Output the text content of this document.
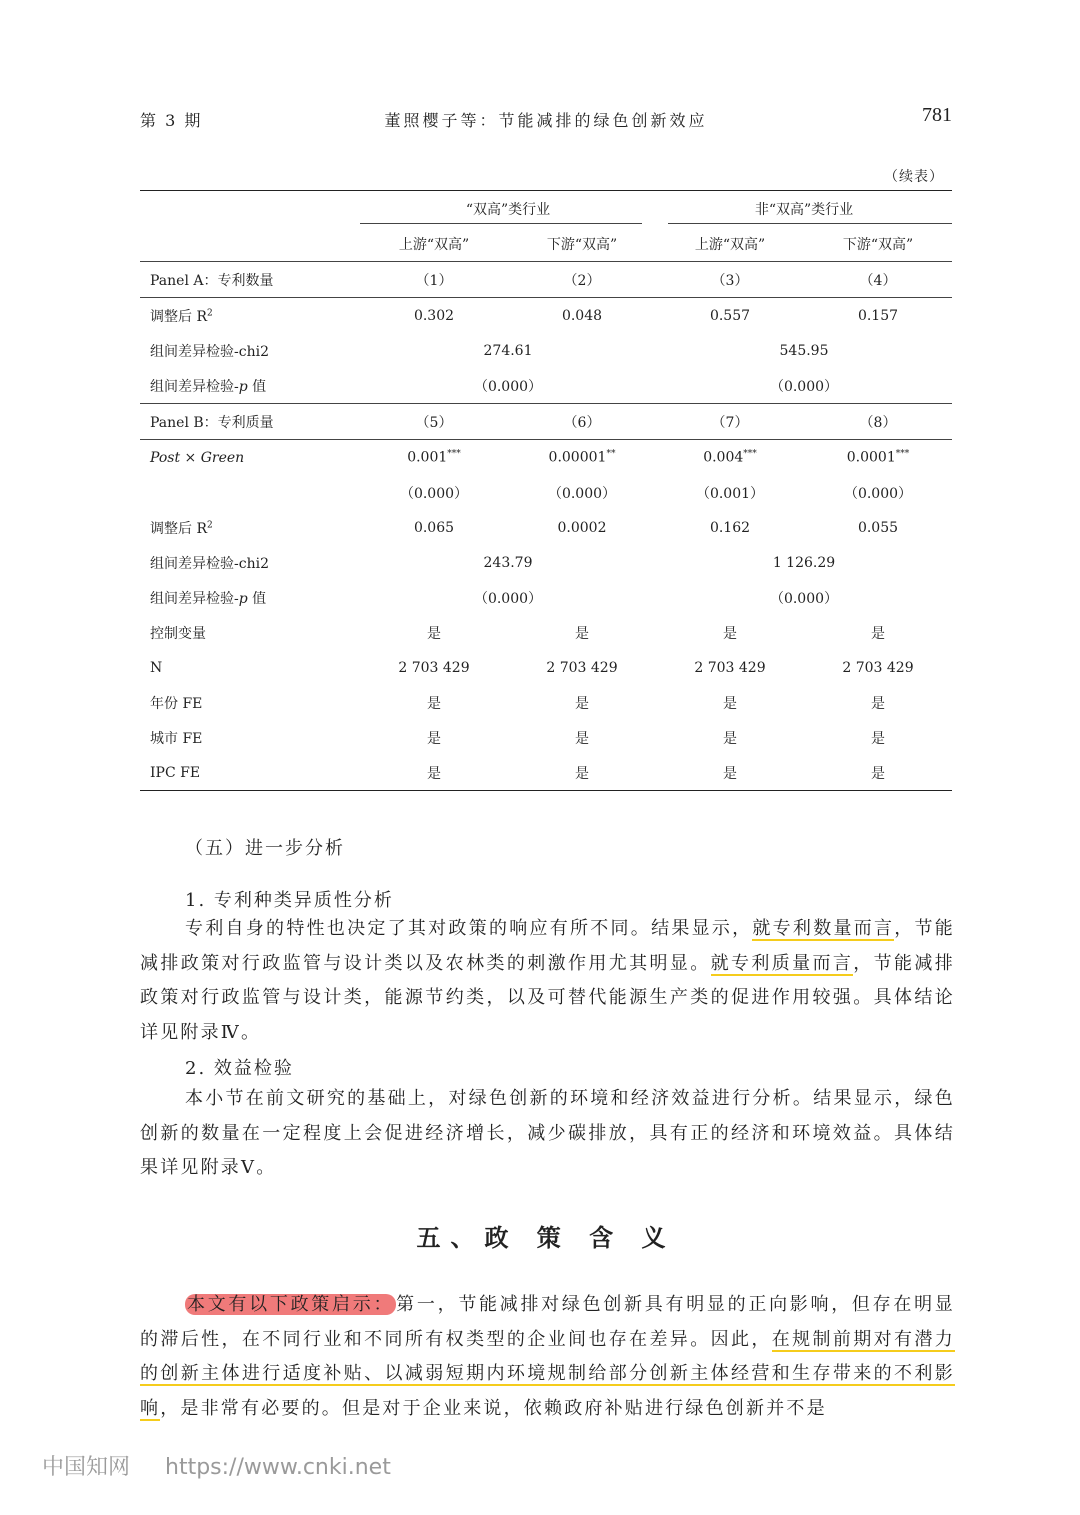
第 3 期	董照樱子等：节能减排的绿色创新效应	781
（续表）
	“双高”类行业		非“双高”类行业	
	上游“双高”	下游“双高”	上游“双高”	下游“双高”
Panel A：专利数量	（1）	（2）	（3）	（4）
调整后 $R^2$	0.302	0.048	0.557	0.157
组间差异检验-chi2	274.61		545.95	
组间差异检验-p 值	（0.000）		（0.000）	
Panel B：专利质量	（5）	（6）	（7）	（8）
Post × Green	0.001***	0.00001**	0.004***	0.0001***
	（0.000）	（0.000）	（0.001）	（0.000）
调整后 $R^2$	0.065	0.0002	0.162	0.055
组间差异检验-chi2	243.79		1 126.29	
组间差异检验-p 值	（0.000）		（0.000）	
控制变量	是	是	是	是
N	2 703 429	2 703 429	2 703 429	2 703 429
年份 FE	是	是	是	是
城市 FE	是	是	是	是
IPC FE	是	是	是	是
（五）进一步分析
1. 专利种类异质性分析

专利自身的特性也决定了其对政策的响应有所不同。结果显示，就专利数量而言，节能减排政策对行政监管与设计类以及农林类的刺激作用尤其明显。就专利质量而言，节能减排政策对行政监管与设计类，能源节约类，以及可替代能源生产类的促进作用较强。具体结论详见附录Ⅳ。

2. 效益检验

本小节在前文研究的基础上，对绿色创新的环境和经济效益进行分析。结果显示，绿色创新的数量在一定程度上会促进经济增长，减少碳排放，具有正的经济和环境效益。具体结果详见附录Ⅴ。

五、政 策 含 义

本文有以下政策启示： 第一，节能减排对绿色创新具有明显的正向影响，但存在明显的滞后性，在不同行业和不同所有权类型的企业间也存在差异。因此，在规制前期对有潜力的创新主体进行适度补贴、以减弱短期内环境规制给部分创新主体经营和生存带来的不利影响，是非常有必要的。但是对于企业来说，依赖政府补贴进行绿色创新并不是

中国知网 https://www.cnki.net
